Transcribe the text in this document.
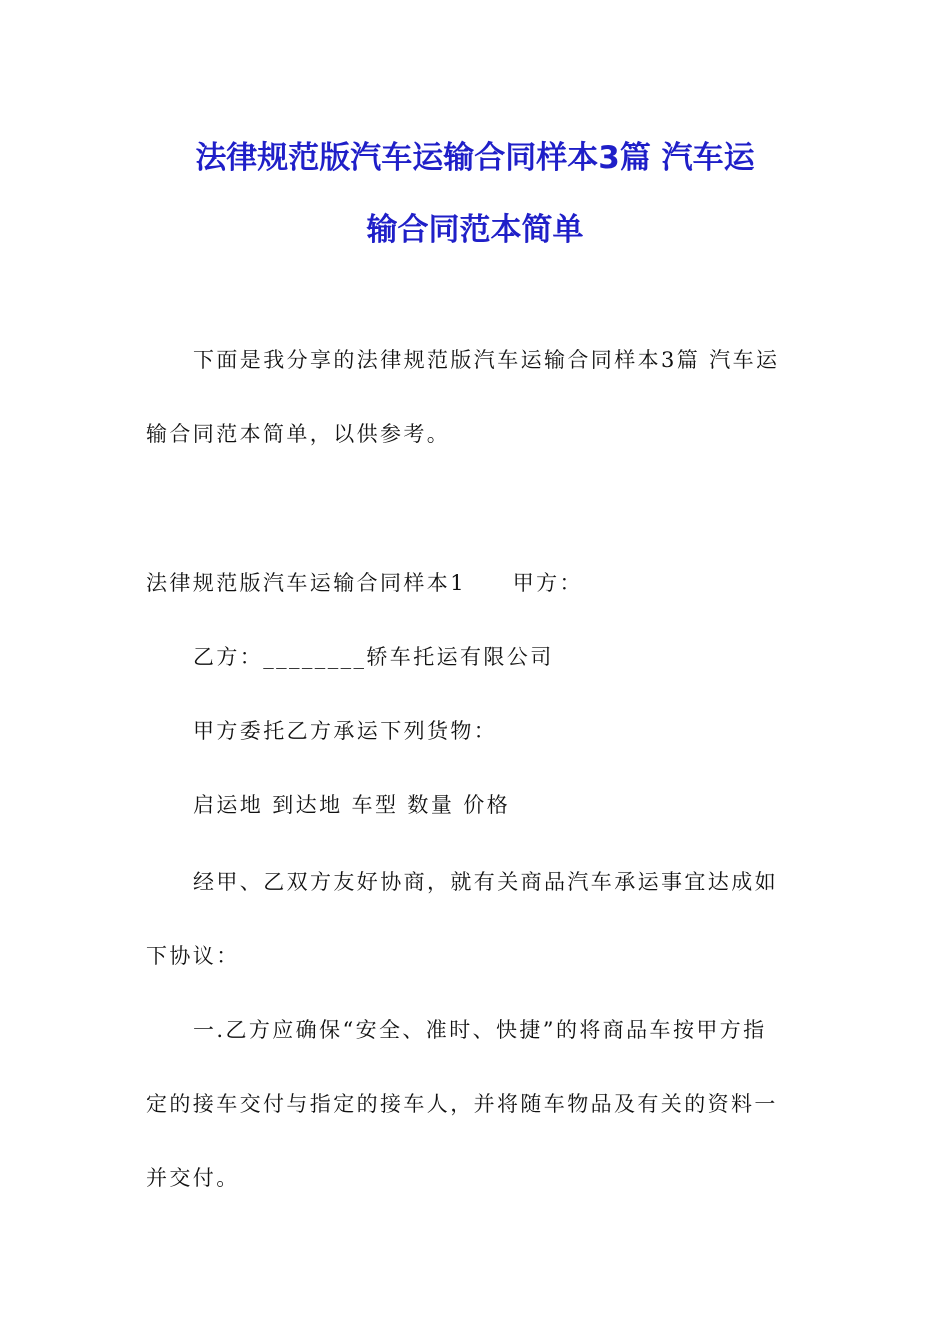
法律规范版汽车运输合同样本3篇 汽车运
输合同范本简单
下面是我分享的法律规范版汽车运输合同样本3篇 汽车运
输合同范本简单，以供参考。
法律规范版汽车运输合同样本1　　甲方：
乙方：________轿车托运有限公司
甲方委托乙方承运下列货物：
启运地 到达地 车型 数量 价格
经甲、乙双方友好协商，就有关商品汽车承运事宜达成如
下协议：
一.乙方应确保“安全、准时、快捷”的将商品车按甲方指
定的接车交付与指定的接车人，并将随车物品及有关的资料一
并交付。
